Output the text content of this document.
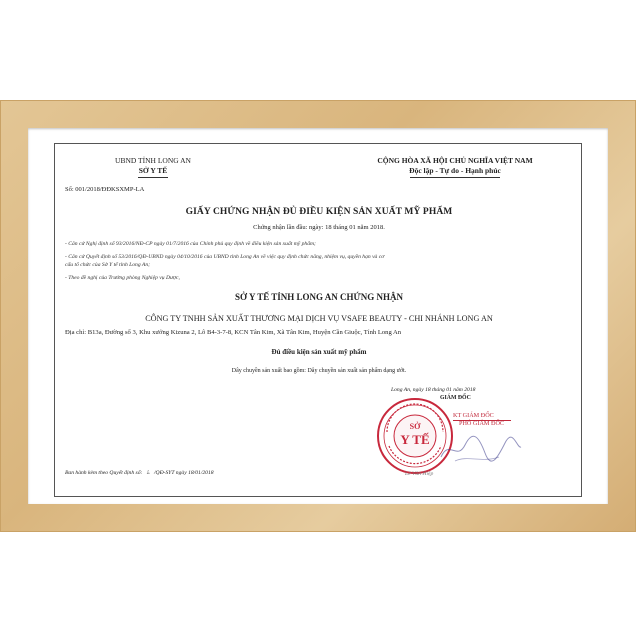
UBND TỈNH LONG AN
SỞ Y TẾ
CỘNG HÒA XÃ HỘI CHỦ NGHĨA VIỆT NAM
Độc lập - Tự do - Hạnh phúc
Số: 001/2018/ĐĐKSXMP-LA
GIẤY CHỨNG NHẬN ĐỦ ĐIỀU KIỆN SẢN XUẤT MỸ PHẨM
Chứng nhận lần đầu: ngày: 18 tháng 01 năm 2018.
- Căn cứ Nghị định số 93/2016/NĐ-CP ngày 01/7/2016 của Chính phủ quy định về điều kiện sản xuất mỹ phẩm;
- Căn cứ Quyết định số 53/2016/QĐ-UBND ngày 04/10/2016 của UBND tỉnh Long An về việc quy định chức năng, nhiệm vụ, quyền hạn và cơ
cấu tổ chức của Sở Y tế tỉnh Long An;
- Theo đề nghị của Trưởng phòng Nghiệp vụ Dược,
SỞ Y TẾ TỈNH LONG AN CHỨNG NHẬN
CÔNG TY TNHH SẢN XUẤT THƯƠNG MẠI DỊCH VỤ VSAFE BEAUTY - CHI NHÁNH LONG AN
Địa chỉ: B13a, Đường số 3, Khu xưởng Kizuna 2, Lô B4-3-7-8, KCN Tân Kim, Xã Tân Kim, Huyện Cần Giuộc, Tỉnh Long An
Đủ điều kiện sản xuất mỹ phẩm
Dây chuyền sản xuất bao gồm: Dây chuyền sản xuất sản phẩm dạng ướt.
Long An, ngày 18 tháng 01 năm 2018
GIÁM ĐỐC
SỞ
Y TẾ
KT GIÁM ĐỐC
PHÓ GIÁM ĐỐC
Lê Văn Hiệp
Ban hành kèm theo Quyết định số: ﾑ /QĐ-SYT ngày 18/01/2018
